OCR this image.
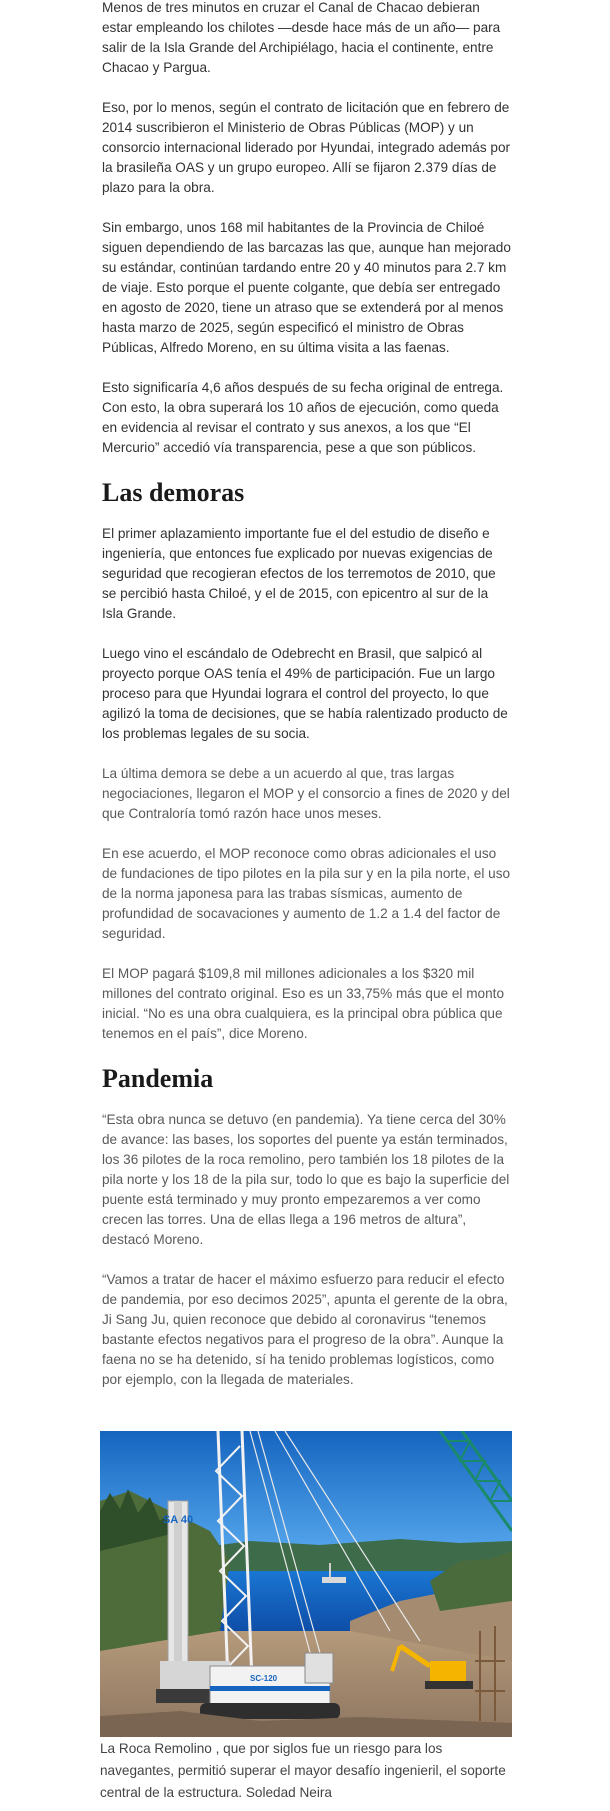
Menos de tres minutos en cruzar el Canal de Chacao debieran estar empleando los chilotes —desde hace más de un año— para salir de la Isla Grande del Archipiélago, hacia el continente, entre Chacao y Pargua.

Eso, por lo menos, según el contrato de licitación que en febrero de 2014 suscribieron el Ministerio de Obras Públicas (MOP) y un consorcio internacional liderado por Hyundai, integrado además por la brasileña OAS y un grupo europeo. Allí se fijaron 2.379 días de plazo para la obra.

Sin embargo, unos 168 mil habitantes de la Provincia de Chiloé siguen dependiendo de las barcazas las que, aunque han mejorado su estándar, continúan tardando entre 20 y 40 minutos para 2.7 km de viaje. Esto porque el puente colgante, que debía ser entregado en agosto de 2020, tiene un atraso que se extenderá por al menos hasta marzo de 2025, según especificó el ministro de Obras Públicas, Alfredo Moreno, en su última visita a las faenas.

Esto significaría 4,6 años después de su fecha original de entrega. Con esto, la obra superará los 10 años de ejecución, como queda en evidencia al revisar el contrato y sus anexos, a los que “El Mercurio” accedió vía transparencia, pese a que son públicos.

Las demoras

El primer aplazamiento importante fue el del estudio de diseño e ingeniería, que entonces fue explicado por nuevas exigencias de seguridad que recogieran efectos de los terremotos de 2010, que se percibió hasta Chiloé, y el de 2015, con epicentro al sur de la Isla Grande.

Luego vino el escándalo de Odebrecht en Brasil, que salpicó al proyecto porque OAS tenía el 49% de participación. Fue un largo proceso para que Hyundai lograra el control del proyecto, lo que agilizó la toma de decisiones, que se había ralentizado producto de los problemas legales de su socia.

La última demora se debe a un acuerdo al que, tras largas negociaciones, llegaron el MOP y el consorcio a fines de 2020 y del que Contraloría tomó razón hace unos meses.

En ese acuerdo, el MOP reconoce como obras adicionales el uso de fundaciones de tipo pilotes en la pila sur y en la pila norte, el uso de la norma japonesa para las trabas sísmicas, aumento de profundidad de socavaciones y aumento de 1.2 a 1.4 del factor de seguridad.

El MOP pagará $109,8 mil millones adicionales a los $320 mil millones del contrato original. Eso es un 33,75% más que el monto inicial. “No es una obra cualquiera, es la principal obra pública que tenemos en el país”, dice Moreno.

Pandemia

“Esta obra nunca se detuvo (en pandemia). Ya tiene cerca del 30% de avance: las bases, los soportes del puente ya están terminados, los 36 pilotes de la roca remolino, pero también los 18 pilotes de la pila norte y los 18 de la pila sur, todo lo que es bajo la superficie del puente está terminado y muy pronto empezaremos a ver como crecen las torres. Una de ellas llega a 196 metros de altura”, destacó Moreno.

“Vamos a tratar de hacer el máximo esfuerzo para reducir el efecto de pandemia, por eso decimos 2025”, apunta el gerente de la obra, Ji Sang Ju, quien reconoce que debido al coronavirus “tenemos bastante efectos negativos para el progreso de la obra”. Aunque la faena no se ha detenido, sí ha tenido problemas logísticos, como por ejemplo, con la llegada de materiales.

SA 40
SC-120

La Roca Remolino , que por siglos fue un riesgo para los navegantes, permitió superar el mayor desafío ingenieril, el soporte central de la estructura. Soledad Neira
